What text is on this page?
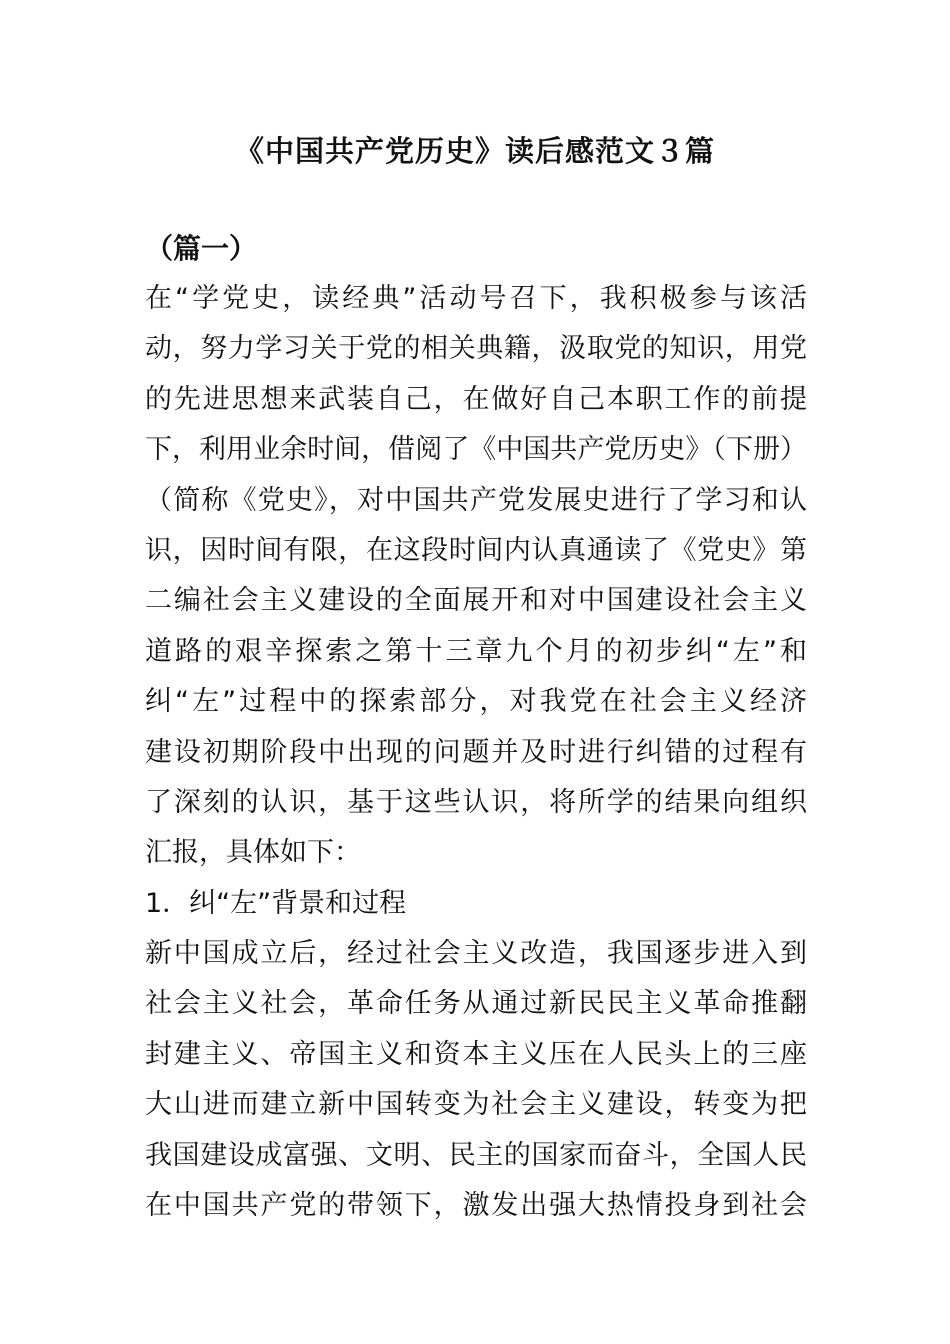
《中国共产党历史》读后感范文３篇
（篇一）
在“学党史，读经典”活动号召下，我积极参与该活
动，努力学习关于党的相关典籍，汲取党的知识，用党
的先进思想来武装自己，在做好自己本职工作的前提
下，利用业余时间，借阅了《中国共产党历史》（下册）
（简称《党史》，对中国共产党发展史进行了学习和认
识，因时间有限，在这段时间内认真通读了《党史》第
二编社会主义建设的全面展开和对中国建设社会主义
道路的艰辛探索之第十三章九个月的初步纠“左”和
纠“左”过程中的探索部分，对我党在社会主义经济
建设初期阶段中出现的问题并及时进行纠错的过程有
了深刻的认识，基于这些认识，将所学的结果向组织
汇报，具体如下：
1．纠“左”背景和过程
新中国成立后，经过社会主义改造，我国逐步进入到
社会主义社会，革命任务从通过新民民主义革命推翻
封建主义、帝国主义和资本主义压在人民头上的三座
大山进而建立新中国转变为社会主义建设，转变为把
我国建设成富强、文明、民主的国家而奋斗，全国人民
在中国共产党的带领下，激发出强大热情投身到社会
